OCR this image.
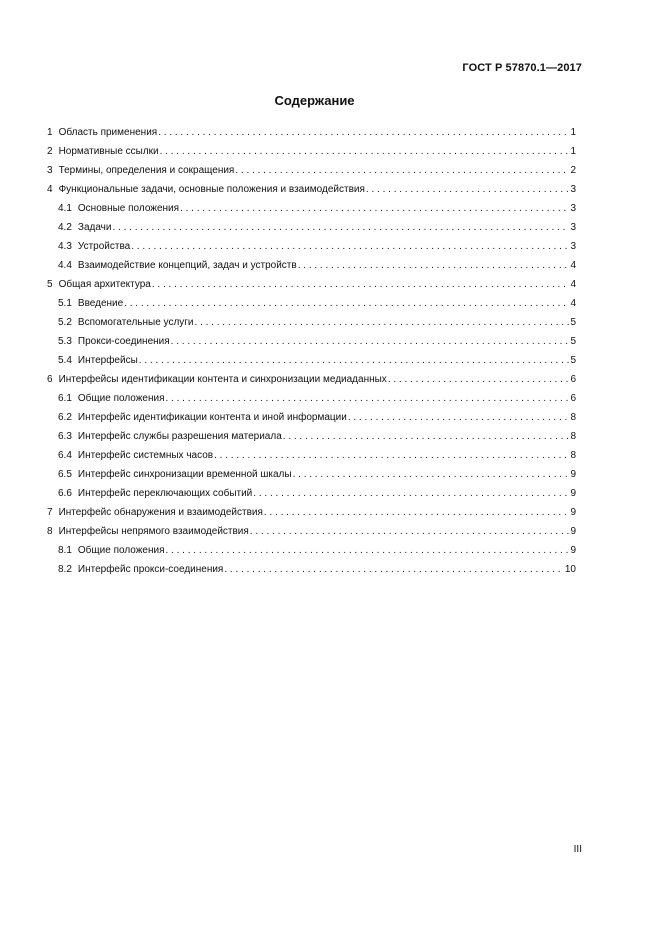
ГОСТ Р 57870.1—2017
Содержание
1 Область применения . . .	1
2 Нормативные ссылки . . .	1
3 Термины, определения и сокращения . . .	2
4 Функциональные задачи, основные положения и взаимодействия . . .	3
4.1 Основные положения . . .	3
4.2 Задачи . . .	3
4.3 Устройства . . .	3
4.4 Взаимодействие концепций, задач и устройств . . .	4
5 Общая архитектура . . .	4
5.1 Введение . . .	4
5.2 Вспомогательные услуги . . .	5
5.3 Прокси-соединения . . .	5
5.4 Интерфейсы . . .	5
6 Интерфейсы идентификации контента и синхронизации медиаданных . . .	6
6.1 Общие положения . . .	6
6.2 Интерфейс идентификации контента и иной информации . . .	8
6.3 Интерфейс службы разрешения материала . . .	8
6.4 Интерфейс системных часов . . .	8
6.5 Интерфейс синхронизации временной шкалы . . .	9
6.6 Интерфейс переключающих событий . . .	9
7 Интерфейс обнаружения и взаимодействия . . .	9
8 Интерфейсы непрямого взаимодействия . . .	9
8.1 Общие положения . . .	9
8.2 Интерфейс прокси-соединения . . .	10
III
